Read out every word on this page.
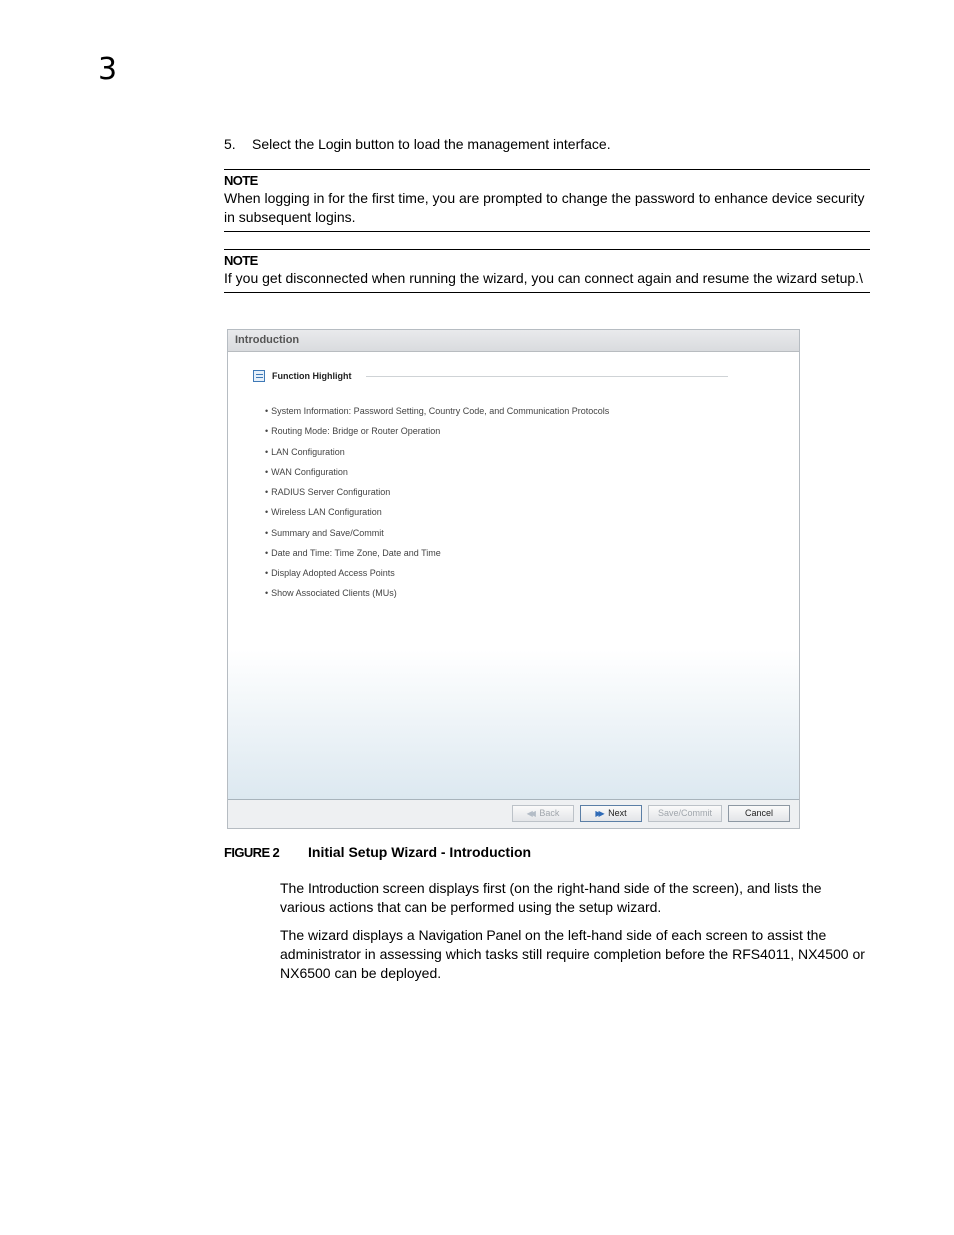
3
5. Select the Login button to load the management interface.
NOTE
When logging in for the first time, you are prompted to change the password to enhance device security in subsequent logins.
NOTE
If you get disconnected when running the wizard, you can connect again and resume the wizard setup.\
Introduction
Function Highlight
• System Information: Password Setting, Country Code, and Communication Protocols
• Routing Mode: Bridge or Router Operation
• LAN Configuration
• WAN Configuration
• RADIUS Server Configuration
• Wireless LAN Configuration
• Summary and Save/Commit
• Date and Time: Time Zone, Date and Time
• Display Adopted Access Points
• Show Associated Clients (MUs)
◀◀ Back	▶▶ Next	Save/Commit	Cancel
FIGURE 2 Initial Setup Wizard - Introduction

The Introduction screen displays first (on the right-hand side of the screen), and lists the various actions that can be performed using the setup wizard.

The wizard displays a Navigation Panel on the left-hand side of each screen to assist the administrator in assessing which tasks still require completion before the RFS4011, NX4500 or NX6500 can be deployed.
